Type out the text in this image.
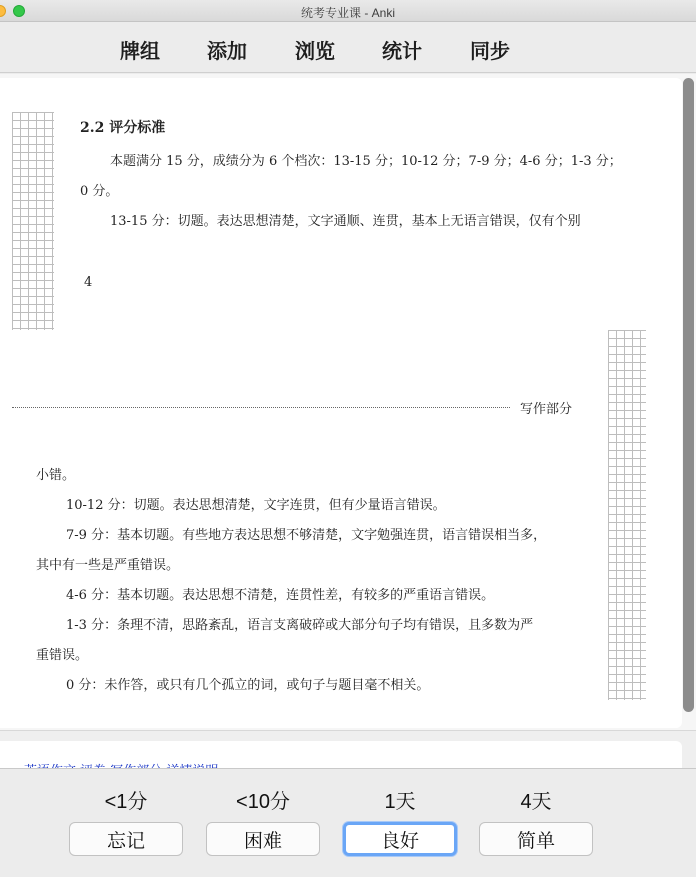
统考专业课 - Anki
牌组 添加 浏览 统计 同步
2.2 评分标准
本题满分 15 分，成绩分为 6 个档次：13-15 分；10-12 分；7-9 分；4-6 分；1-3 分；
0 分。
13-15 分：切题。表达思想清楚，文字通顺、连贯，基本上无语言错误，仅有个别
4
写作部分
小错。
10-12 分：切题。表达思想清楚，文字连贯，但有少量语言错误。
7-9 分：基本切题。有些地方表达思想不够清楚，文字勉强连贯，语言错误相当多，
其中有一些是严重错误。
4-6 分：基本切题。表达思想不清楚，连贯性差，有较多的严重语言错误。
1-3 分：条理不清，思路紊乱，语言支离破碎或大部分句子均有错误，且多数为严
重错误。
0 分：未作答，或只有几个孤立的词，或句子与题目毫不相关。
<1分	<10分	1天	4天
忘记	困难	良好	简单
